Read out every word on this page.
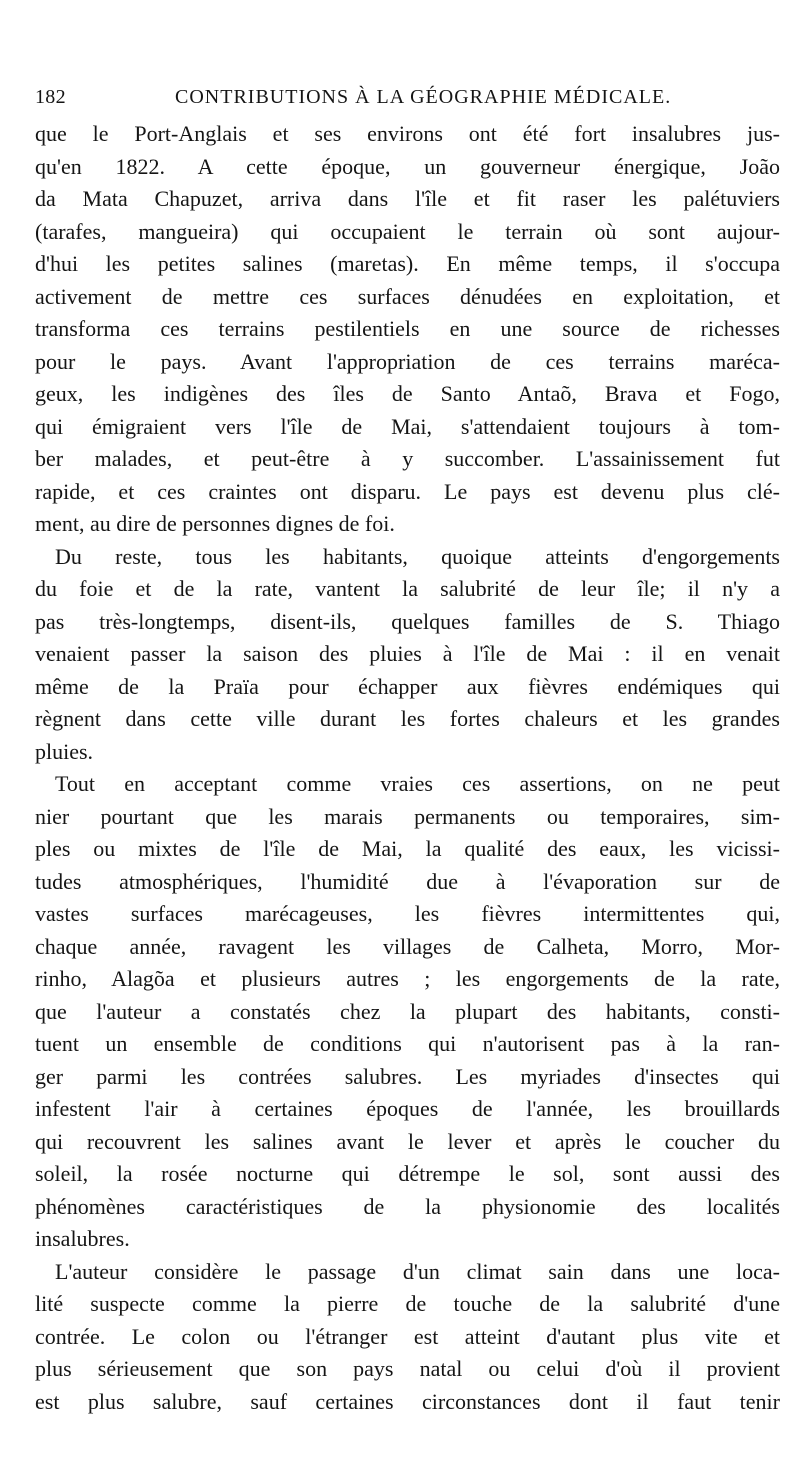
182	CONTRIBUTIONS À LA GÉOGRAPHIE MÉDICALE.
que le Port-Anglais et ses environs ont été fort insalubres jus-
qu'en 1822. A cette époque, un gouverneur énergique, João
da Mata Chapuzet, arriva dans l'île et fit raser les palétuviers
(tarafes, mangueira) qui occupaient le terrain où sont aujour-
d'hui les petites salines (maretas). En même temps, il s'occupa
activement de mettre ces surfaces dénudées en exploitation, et
transforma ces terrains pestilentiels en une source de richesses
pour le pays. Avant l'appropriation de ces terrains maréca-
geux, les indigènes des îles de Santo Antaõ, Brava et Fogo,
qui émigraient vers l'île de Mai, s'attendaient toujours à tom-
ber malades, et peut-être à y succomber. L'assainissement fut
rapide, et ces craintes ont disparu. Le pays est devenu plus clé-
ment, au dire de personnes dignes de foi.
Du reste, tous les habitants, quoique atteints d'engorgements
du foie et de la rate, vantent la salubrité de leur île; il n'y a
pas très-longtemps, disent-ils, quelques familles de S. Thiago
venaient passer la saison des pluies à l'île de Mai : il en venait
même de la Praïa pour échapper aux fièvres endémiques qui
règnent dans cette ville durant les fortes chaleurs et les grandes
pluies.
Tout en acceptant comme vraies ces assertions, on ne peut
nier pourtant que les marais permanents ou temporaires, sim-
ples ou mixtes de l'île de Mai, la qualité des eaux, les vicissi-
tudes atmosphériques, l'humidité due à l'évaporation sur de
vastes surfaces marécageuses, les fièvres intermittentes qui,
chaque année, ravagent les villages de Calheta, Morro, Mor-
rinho, Alagõa et plusieurs autres ; les engorgements de la rate,
que l'auteur a constatés chez la plupart des habitants, consti-
tuent un ensemble de conditions qui n'autorisent pas à la ran-
ger parmi les contrées salubres. Les myriades d'insectes qui
infestent l'air à certaines époques de l'année, les brouillards
qui recouvrent les salines avant le lever et après le coucher du
soleil, la rosée nocturne qui détrempe le sol, sont aussi des
phénomènes caractéristiques de la physionomie des localités
insalubres.
L'auteur considère le passage d'un climat sain dans une loca-
lité suspecte comme la pierre de touche de la salubrité d'une
contrée. Le colon ou l'étranger est atteint d'autant plus vite et
plus sérieusement que son pays natal ou celui d'où il provient
est plus salubre, sauf certaines circonstances dont il faut tenir
